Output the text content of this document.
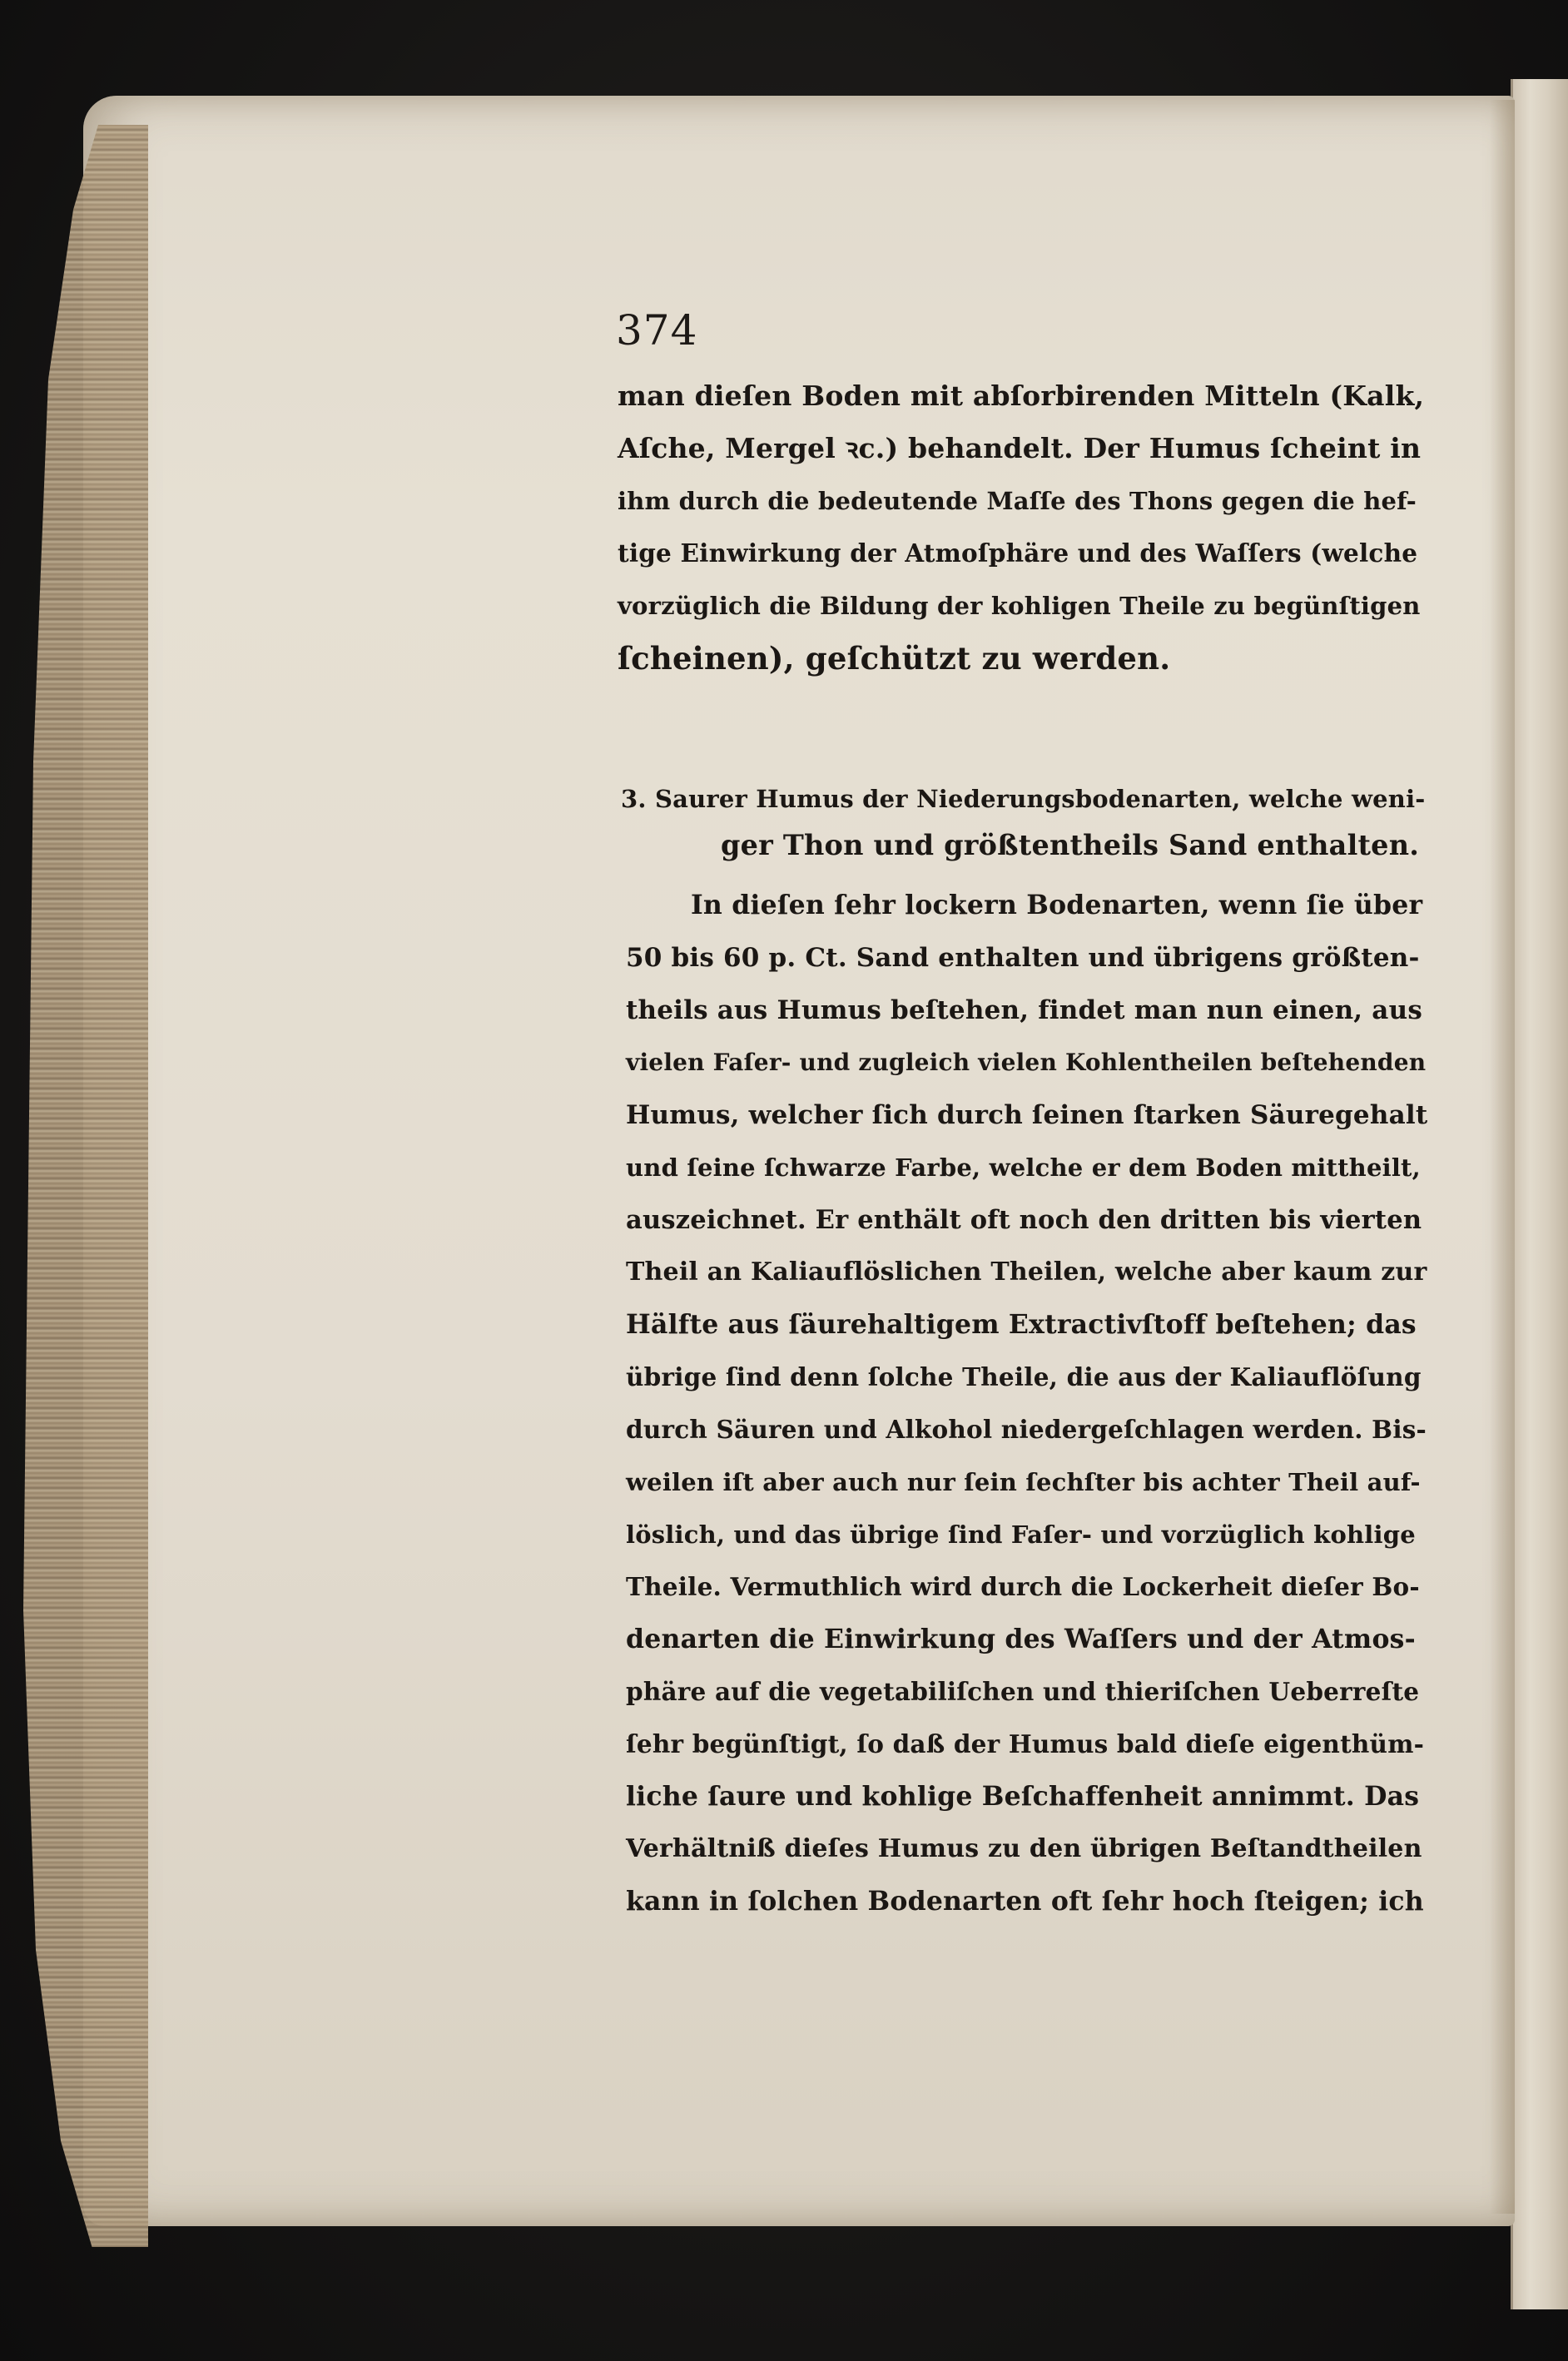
374
man dieſen Boden mit abſorbirenden Mitteln (Kalk,
Aſche, Mergel ꝛc.) behandelt. Der Humus ſcheint in
ihm durch die bedeutende Maſſe des Thons gegen die hef-
tige Einwirkung der Atmoſphäre und des Waſſers (welche
vorzüglich die Bildung der kohligen Theile zu begünſtigen
ſcheinen), geſchützt zu werden.
3. Saurer Humus der Niederungsbodenarten, welche weni-
ger Thon und größtentheils Sand enthalten.
In dieſen ſehr lockern Bodenarten, wenn ſie über
50 bis 60 p. Ct. Sand enthalten und übrigens größten-
theils aus Humus beſtehen, findet man nun einen, aus
vielen Faſer- und zugleich vielen Kohlentheilen beſtehenden
Humus, welcher ſich durch ſeinen ſtarken Säuregehalt
und ſeine ſchwarze Farbe, welche er dem Boden mittheilt,
auszeichnet. Er enthält oft noch den dritten bis vierten
Theil an Kaliauflöslichen Theilen, welche aber kaum zur
Hälfte aus ſäurehaltigem Extractivſtoff beſtehen; das
übrige ſind denn ſolche Theile, die aus der Kaliauflöſung
durch Säuren und Alkohol niedergeſchlagen werden. Bis-
weilen iſt aber auch nur ſein ſechſter bis achter Theil auf-
löslich, und das übrige ſind Faſer- und vorzüglich kohlige
Theile. Vermuthlich wird durch die Lockerheit dieſer Bo-
denarten die Einwirkung des Waſſers und der Atmos-
phäre auf die vegetabiliſchen und thieriſchen Ueberreſte
ſehr begünſtigt, ſo daß der Humus bald dieſe eigenthüm-
liche ſaure und kohlige Beſchaffenheit annimmt. Das
Verhältniß dieſes Humus zu den übrigen Beſtandtheilen
kann in ſolchen Bodenarten oft ſehr hoch ſteigen; ich
